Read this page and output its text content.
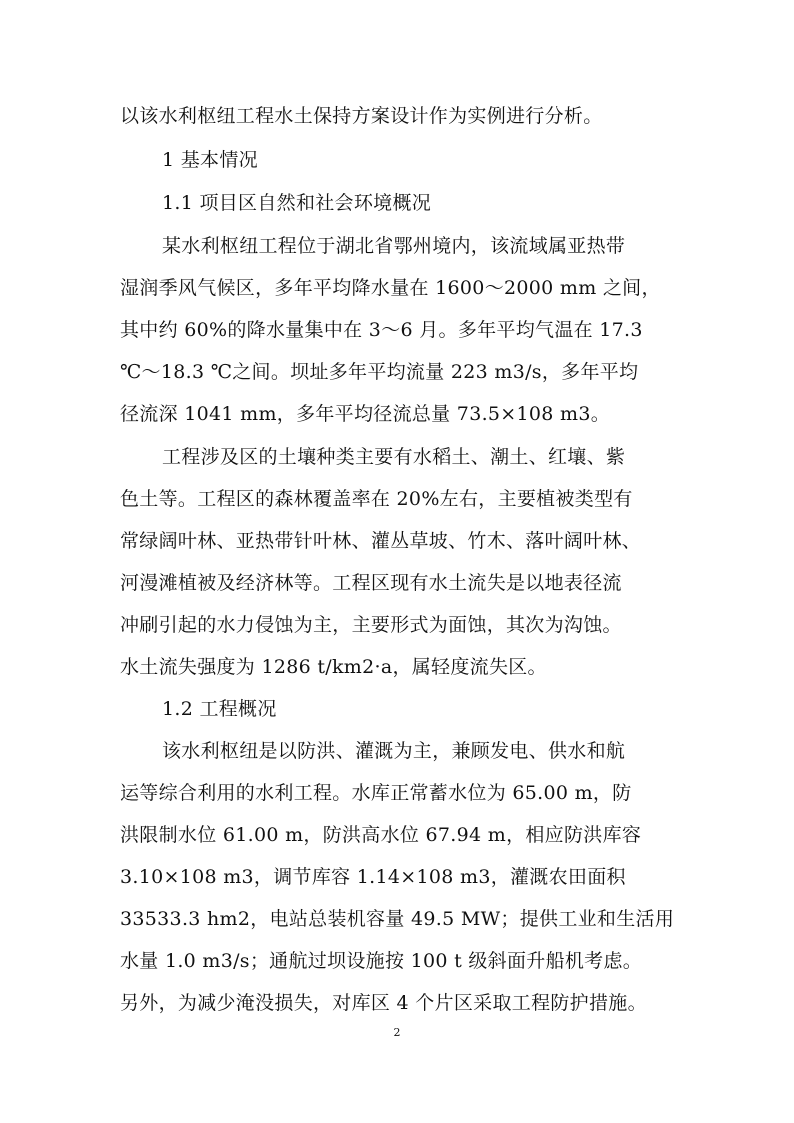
以该水利枢纽工程水土保持方案设计作为实例进行分析。
1 基本情况
1.1 项目区自然和社会环境概况
某水利枢纽工程位于湖北省鄂州境内，该流域属亚热带
湿润季风气候区，多年平均降水量在 1600～2000 mm 之间，
其中约 60%的降水量集中在 3～6 月。多年平均气温在 17.3
℃～18.3 ℃之间。坝址多年平均流量 223 m3/s，多年平均
径流深 1041 mm，多年平均径流总量 73.5×108 m3。
工程涉及区的土壤种类主要有水稻土、潮土、红壤、紫
色土等。工程区的森林覆盖率在 20%左右，主要植被类型有
常绿阔叶林、亚热带针叶林、灌丛草坡、竹木、落叶阔叶林、
河漫滩植被及经济林等。工程区现有水土流失是以地表径流
冲刷引起的水力侵蚀为主，主要形式为面蚀，其次为沟蚀。
水土流失强度为 1286 t/km2·a，属轻度流失区。
1.2 工程概况
该水利枢纽是以防洪、灌溉为主，兼顾发电、供水和航
运等综合利用的水利工程。水库正常蓄水位为 65.00 m，防
洪限制水位 61.00 m，防洪高水位 67.94 m，相应防洪库容
3.10×108 m3，调节库容 1.14×108 m3，灌溉农田面积
33533.3 hm2，电站总装机容量 49.5 MW；提供工业和生活用
水量 1.0 m3/s；通航过坝设施按 100 t 级斜面升船机考虑。
另外，为减少淹没损失，对库区 4 个片区采取工程防护措施。
2
